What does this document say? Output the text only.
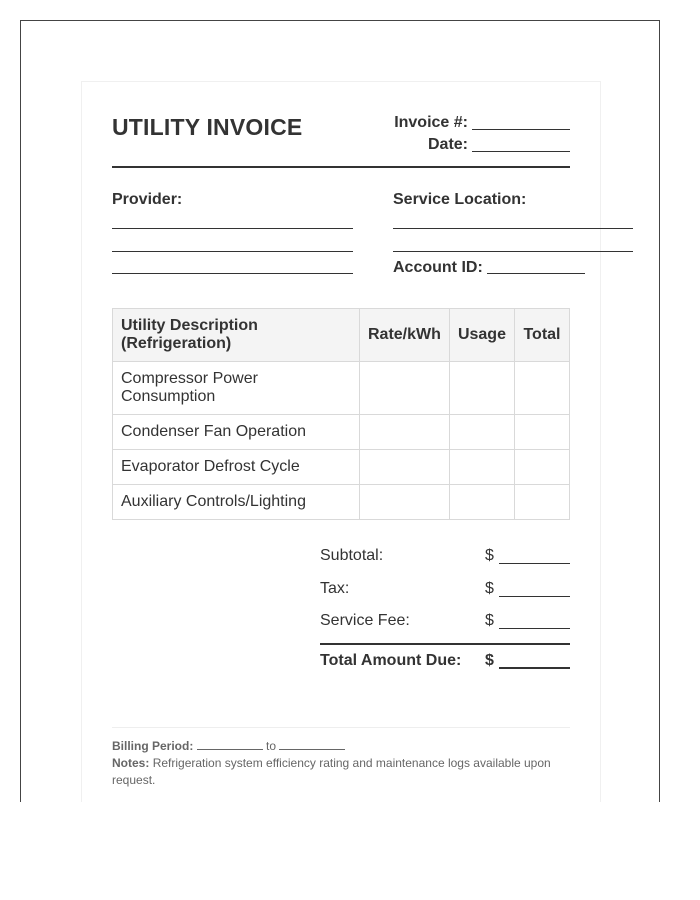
UTILITY INVOICE	Invoice #:
Date:
Provider:	Service Location:
Account ID:
Utility Description (Refrigeration)	Rate/kWh	Usage	Total
Compressor Power Consumption			
Condenser Fan Operation			
Evaporator Defrost Cycle			
Auxiliary Controls/Lighting			
Subtotal:	$
Tax:	$
Service Fee:	$
Total Amount Due: $
Billing Period:	to
Notes: Refrigeration system efficiency rating and maintenance logs available upon request.
